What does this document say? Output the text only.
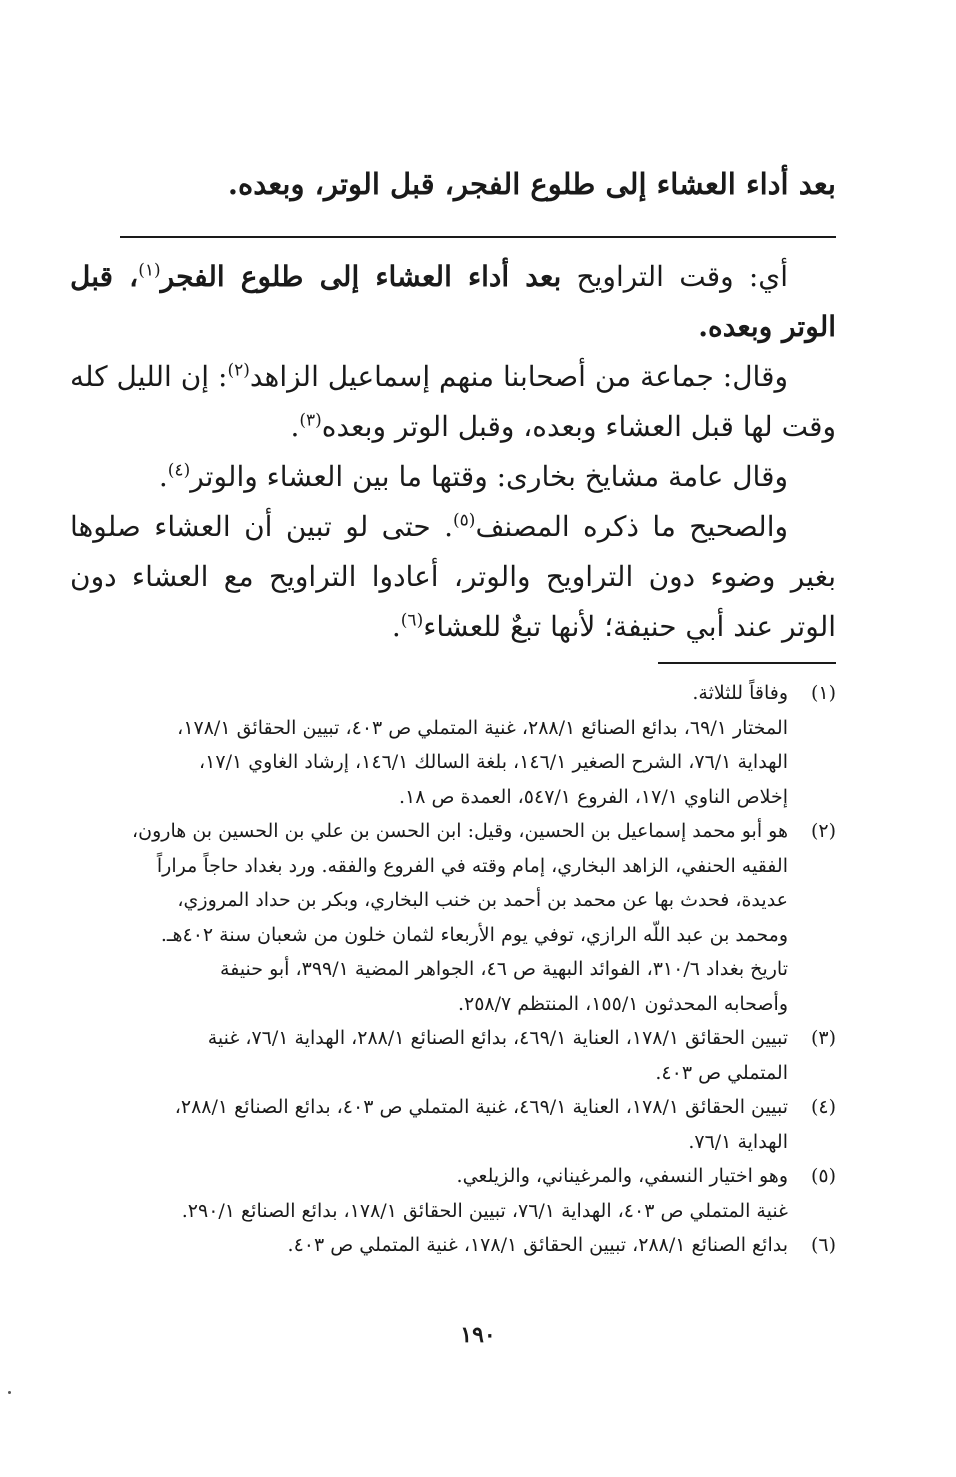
بعد أداء العشاء إلى طلوع الفجر، قبل الوتر، وبعده.

أي: وقت التراويح بعد أداء العشاء إلى طلوع الفجر$^{(١)}$، قبل الوتر وبعده.

وقال: جماعة من أصحابنا منهم إسماعيل الزاهد$^{(٢)}$: إن الليل كله وقت لها قبل العشاء وبعده، وقبل الوتر وبعده$^{(٣)}$.

وقال عامة مشايخ بخارى: وقتها ما بين العشاء والوتر$^{(٤)}$.

والصحيح ما ذكره المصنف$^{(٥)}$. حتى لو تبين أن العشاء صلوها بغير وضوء دون التراويح والوتر، أعادوا التراويح مع العشاء دون الوتر عند أبي حنيفة؛ لأنها تبعٌ للعشاء$^{(٦)}$.

(١)
وفاقاً للثلاثة.
المختار ٦٩/١، بدائع الصنائع ٢٨٨/١، غنية المتملي ص ٤٠٣، تبيين الحقائق ١٧٨/١،
الهداية ٧٦/١، الشرح الصغير ١٤٦/١، بلغة السالك ١٤٦/١، إرشاد الغاوي ١٧/١،
إخلاص الناوي ١٧/١، الفروع ٥٤٧/١، العمدة ص ١٨.
(٢)
هو أبو محمد إسماعيل بن الحسين، وقيل: ابن الحسن بن علي بن الحسين بن هارون،
الفقيه الحنفي، الزاهد البخاري، إمام وقته في الفروع والفقه. ورد بغداد حاجاً مراراً
عديدة، فحدث بها عن محمد بن أحمد بن خنب البخاري، وبكر بن حداد المروزي،
ومحمد بن عبد اللّه الرازي، توفي يوم الأربعاء لثمان خلون من شعبان سنة ٤٠٢هـ.
تاريخ بغداد ٣١٠/٦، الفوائد البهية ص ٤٦، الجواهر المضية ٣٩٩/١، أبو حنيفة
وأصحابه المحدثون ١٥٥/١، المنتظم ٢٥٨/٧.
(٣)
تبيين الحقائق ١٧٨/١، العناية ٤٦٩/١، بدائع الصنائع ٢٨٨/١، الهداية ٧٦/١، غنية
المتملي ص ٤٠٣.
(٤)
تبيين الحقائق ١٧٨/١، العناية ٤٦٩/١، غنية المتملي ص ٤٠٣، بدائع الصنائع ٢٨٨/١،
الهداية ٧٦/١.
(٥)
وهو اختيار النسفي، والمرغيناني، والزيلعي.
غنية المتملي ص ٤٠٣، الهداية ٧٦/١، تبيين الحقائق ١٧٨/١، بدائع الصنائع ٢٩٠/١.
(٦)
بدائع الصنائع ٢٨٨/١، تبيين الحقائق ١٧٨/١، غنية المتملي ص ٤٠٣.
١٩٠
